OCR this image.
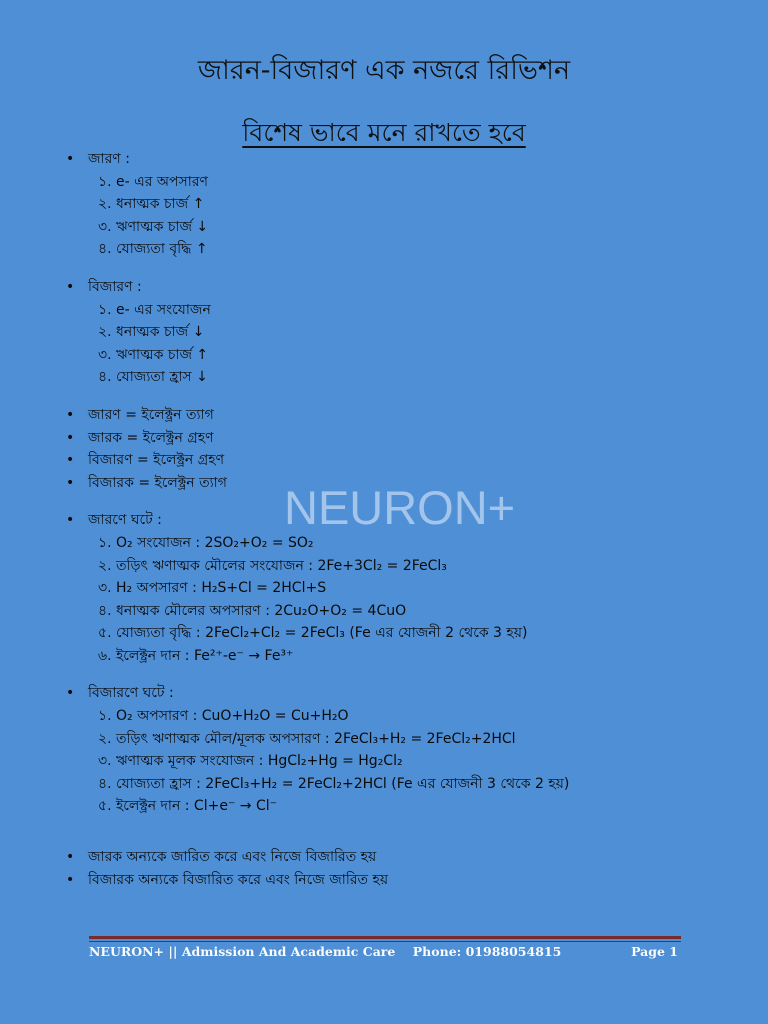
জারন-বিজারণ এক নজরে রিভিশন
বিশেষ ভাবে মনে রাখতে হবে
NEURON+
• জারণ :
১. e- এর অপসারণ
২. ধনাত্মক চার্জ ↑
৩. ঋণাত্মক চার্জ ↓
৪. যোজ্যতা বৃদ্ধি ↑
• বিজারণ :
১. e- এর সংযোজন
২. ধনাত্মক চার্জ ↓
৩. ঋণাত্মক চার্জ ↑
৪. যোজ্যতা হ্রাস ↓
• জারণ = ইলেক্ট্রন ত্যাগ
• জারক = ইলেক্ট্রন গ্রহণ
• বিজারণ = ইলেক্ট্রন গ্রহণ
• বিজারক = ইলেক্ট্রন ত্যাগ
• জারণে ঘটে :
১. O₂ সংযোজন : 2SO₂+O₂ = SO₂
২. তড়িৎ ঋণাত্মক মৌলের সংযোজন : 2Fe+3Cl₂ = 2FeCl₃
৩. H₂ অপসারণ : H₂S+Cl = 2HCl+S
৪. ধনাত্মক মৌলের অপসারণ : 2Cu₂O+O₂ = 4CuO
৫. যোজ্যতা বৃদ্ধি : 2FeCl₂+Cl₂ = 2FeCl₃ (Fe এর যোজনী 2 থেকে 3 হয়)
৬. ইলেক্ট্রন দান : Fe²⁺-e⁻ → Fe³⁺
• বিজারণে ঘটে :
১. O₂ অপসারণ : CuO+H₂O = Cu+H₂O
২. তড়িৎ ঋণাত্মক মৌল/মূলক অপসারণ : 2FeCl₃+H₂ = 2FeCl₂+2HCl
৩. ঋণাত্মক মূলক সংযোজন : HgCl₂+Hg = Hg₂Cl₂
৪. যোজ্যতা হ্রাস : 2FeCl₃+H₂ = 2FeCl₂+2HCl (Fe এর যোজনী 3 থেকে 2 হয়)
৫. ইলেক্ট্রন দান : Cl+e⁻ → Cl⁻
• জারক অন্যকে জারিত করে এবং নিজে বিজারিত হয়
• বিজারক অন্যকে বিজারিত করে এবং নিজে জারিত হয়
NEURON+ || Admission And Academic Care Phone: 01988054815	Page 1
